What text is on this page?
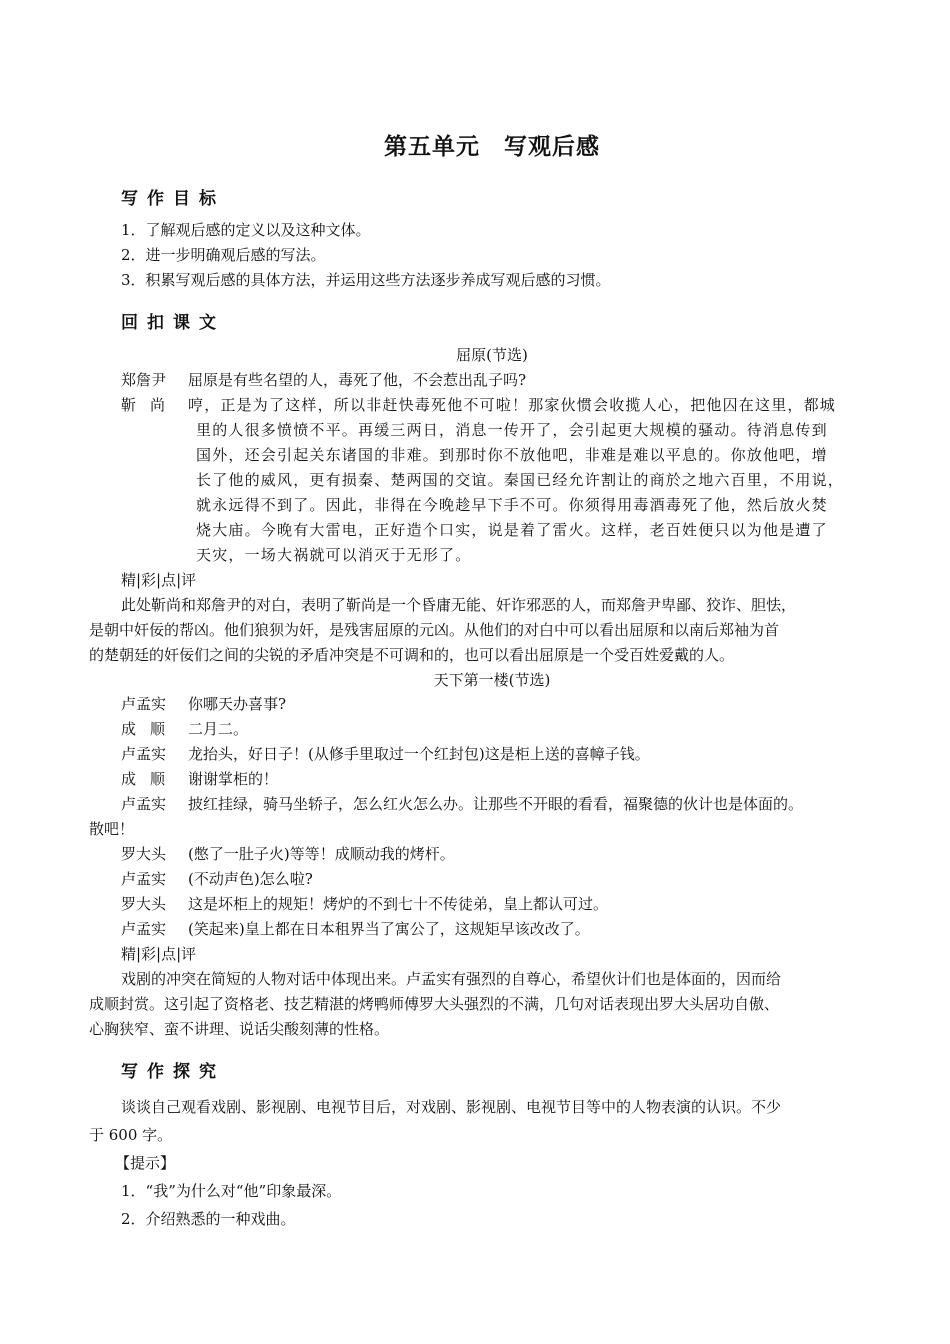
第五单元 写观后感
写作目标
1．了解观后感的定义以及这种文体。
2．进一步明确观后感的写法。
3．积累写观后感的具体方法，并运用这些方法逐步养成写观后感的习惯。
回扣课文
屈原(节选)
郑詹尹 屈原是有些名望的人，毒死了他，不会惹出乱子吗?
靳尚 哼，正是为了这样，所以非赶快毒死他不可啦！那家伙惯会收揽人心，把他囚在这里，都城
里的人很多愤愤不平。再缓三两日，消息一传开了，会引起更大规模的骚动。待消息传到
国外，还会引起关东诸国的非难。到那时你不放他吧，非难是难以平息的。你放他吧，增
长了他的威风，更有损秦、楚两国的交谊。秦国已经允许割让的商於之地六百里，不用说，
就永远得不到了。因此，非得在今晚趁早下手不可。你须得用毒酒毒死了他，然后放火焚
烧大庙。今晚有大雷电，正好造个口实，说是着了雷火。这样，老百姓便只以为他是遭了
天灾，一场大祸就可以消灭于无形了。
精|彩|点|评
此处靳尚和郑詹尹的对白，表明了靳尚是一个昏庸无能、奸诈邪恶的人，而郑詹尹卑鄙、狡诈、胆怯，
是朝中奸佞的帮凶。他们狼狈为奸，是残害屈原的元凶。从他们的对白中可以看出屈原和以南后郑袖为首
的楚朝廷的奸佞们之间的尖锐的矛盾冲突是不可调和的，也可以看出屈原是一个受百姓爱戴的人。
天下第一楼(节选)
卢孟实 你哪天办喜事?
成顺 二月二。
卢孟实 龙抬头，好日子！(从修手里取过一个红封包)这是柜上送的喜幛子钱。
成顺 谢谢掌柜的！
卢孟实 披红挂绿，骑马坐轿子，怎么红火怎么办。让那些不开眼的看看，福聚德的伙计也是体面的。
散吧！
罗大头 (憋了一肚子火)等等！成顺动我的烤杆。
卢孟实 (不动声色)怎么啦?
罗大头 这是坏柜上的规矩！烤炉的不到七十不传徒弟，皇上都认可过。
卢孟实 (笑起来)皇上都在日本租界当了寓公了，这规矩早该改改了。
精|彩|点|评
戏剧的冲突在简短的人物对话中体现出来。卢孟实有强烈的自尊心，希望伙计们也是体面的，因而给
成顺封赏。这引起了资格老、技艺精湛的烤鸭师傅罗大头强烈的不满，几句对话表现出罗大头居功自傲、
心胸狭窄、蛮不讲理、说话尖酸刻薄的性格。
写作探究
谈谈自己观看戏剧、影视剧、电视节目后，对戏剧、影视剧、电视节目等中的人物表演的认识。不少
于 600 字。
【提示】
1．“我”为什么对“他”印象最深。
2．介绍熟悉的一种戏曲。
